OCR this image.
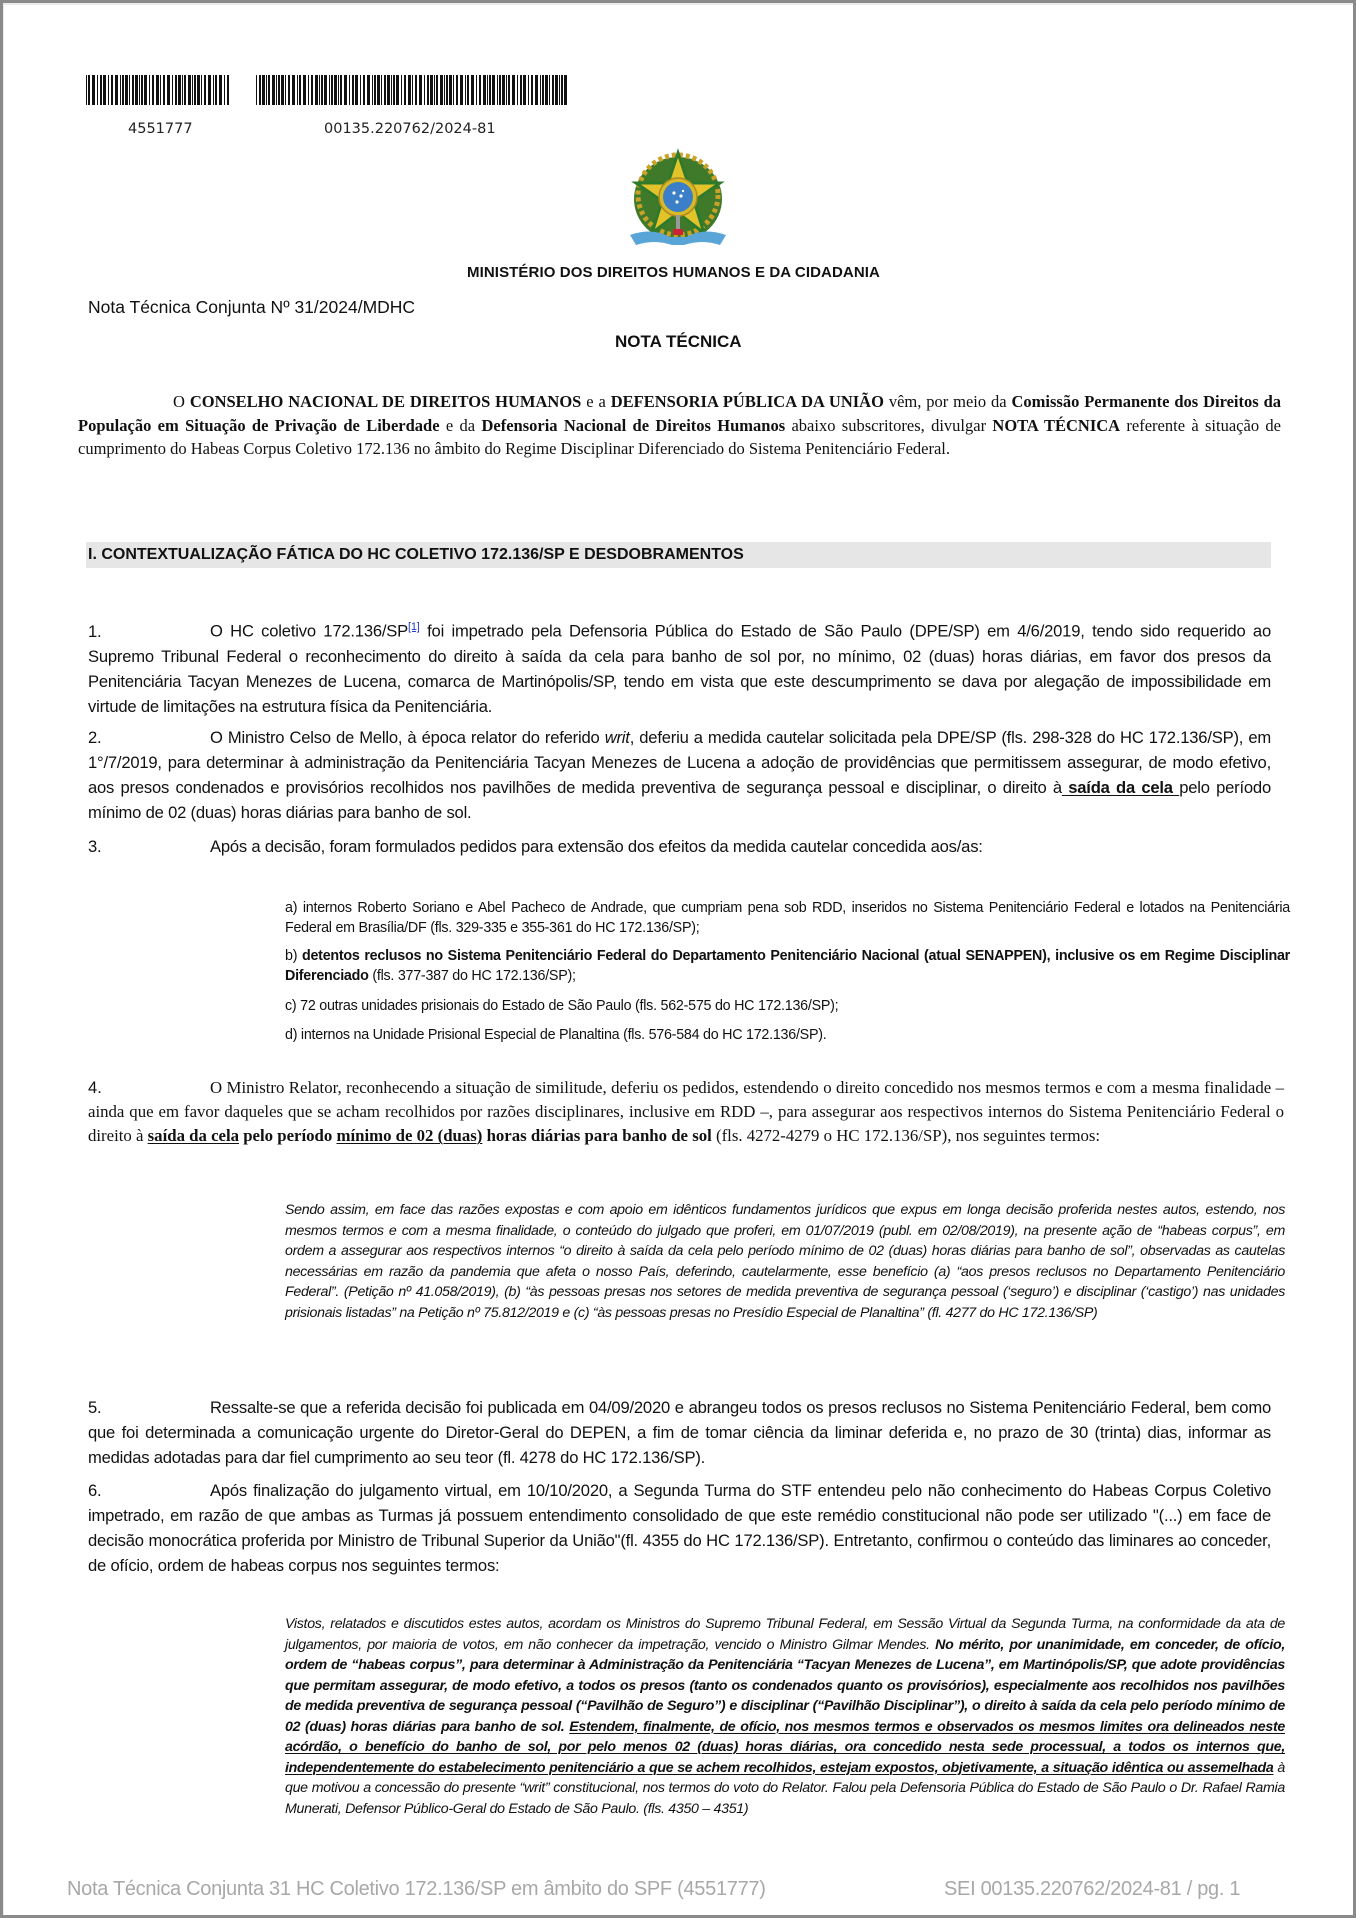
4551777	00135.220762/2024-81
MINISTÉRIO DOS DIREITOS HUMANOS E DA CIDADANIA
Nota Técnica Conjunta Nº 31/2024/MDHC
NOTA TÉCNICA
O CONSELHO NACIONAL DE DIREITOS HUMANOS e a DEFENSORIA PÚBLICA DA UNIÃO vêm, por meio da Comissão Permanente dos Direitos da População em Situação de Privação de Liberdade e da Defensoria Nacional de Direitos Humanos abaixo subscritores, divulgar NOTA TÉCNICA referente à situação de cumprimento do Habeas Corpus Coletivo 172.136 no âmbito do Regime Disciplinar Diferenciado do Sistema Penitenciário Federal.
I. CONTEXTUALIZAÇÃO FÁTICA DO HC COLETIVO 172.136/SP E DESDOBRAMENTOS
1.	O HC coletivo 172.136/SP[1] foi impetrado pela Defensoria Pública do Estado de São Paulo (DPE/SP) em 4/6/2019, tendo sido requerido ao Supremo Tribunal Federal o reconhecimento do direito à saída da cela para banho de sol por, no mínimo, 02 (duas) horas diárias, em favor dos presos da Penitenciária Tacyan Menezes de Lucena, comarca de Martinópolis/SP, tendo em vista que este descumprimento se dava por alegação de impossibilidade em virtude de limitações na estrutura física da Penitenciária.
2.	O Ministro Celso de Mello, à época relator do referido writ, deferiu a medida cautelar solicitada pela DPE/SP (fls. 298-328 do HC 172.136/SP), em 1°/7/2019, para determinar à administração da Penitenciária Tacyan Menezes de Lucena a adoção de providências que permitissem assegurar, de modo efetivo, aos presos condenados e provisórios recolhidos nos pavilhões de medida preventiva de segurança pessoal e disciplinar, o direito à saída da cela pelo período mínimo de 02 (duas) horas diárias para banho de sol.
3.	Após a decisão, foram formulados pedidos para extensão dos efeitos da medida cautelar concedida aos/as:
a) internos Roberto Soriano e Abel Pacheco de Andrade, que cumpriam pena sob RDD, inseridos no Sistema Penitenciário Federal e lotados na Penitenciária Federal em Brasília/DF (fls. 329-335 e 355-361 do HC 172.136/SP);
b) detentos reclusos no Sistema Penitenciário Federal do Departamento Penitenciário Nacional (atual SENAPPEN), inclusive os em Regime Disciplinar Diferenciado (fls. 377-387 do HC 172.136/SP);
c) 72 outras unidades prisionais do Estado de São Paulo (fls. 562-575 do HC 172.136/SP);
d) internos na Unidade Prisional Especial de Planaltina (fls. 576-584 do HC 172.136/SP).
4.	O Ministro Relator, reconhecendo a situação de similitude, deferiu os pedidos, estendendo o direito concedido nos mesmos termos e com a mesma finalidade – ainda que em favor daqueles que se acham recolhidos por razões disciplinares, inclusive em RDD –, para assegurar aos respectivos internos do Sistema Penitenciário Federal o direito à saída da cela pelo período mínimo de 02 (duas) horas diárias para banho de sol (fls. 4272-4279 o HC 172.136/SP), nos seguintes termos:
Sendo assim, em face das razões expostas e com apoio em idênticos fundamentos jurídicos que expus em longa decisão proferida nestes autos, estendo, nos mesmos termos e com a mesma finalidade, o conteúdo do julgado que proferi, em 01/07/2019 (publ. em 02/08/2019), na presente ação de “habeas corpus”, em ordem a assegurar aos respectivos internos “o direito à saída da cela pelo período mínimo de 02 (duas) horas diárias para banho de sol”, observadas as cautelas necessárias em razão da pandemia que afeta o nosso País, deferindo, cautelarmente, esse benefício (a) “aos presos reclusos no Departamento Penitenciário Federal”. (Petição nº 41.058/2019), (b) “às pessoas presas nos setores de medida preventiva de segurança pessoal (‘seguro’) e disciplinar (‘castigo’) nas unidades prisionais listadas” na Petição nº 75.812/2019 e (c) “às pessoas presas no Presídio Especial de Planaltina” (fl. 4277 do HC 172.136/SP)
5.	Ressalte-se que a referida decisão foi publicada em 04/09/2020 e abrangeu todos os presos reclusos no Sistema Penitenciário Federal, bem como que foi determinada a comunicação urgente do Diretor-Geral do DEPEN, a fim de tomar ciência da liminar deferida e, no prazo de 30 (trinta) dias, informar as medidas adotadas para dar fiel cumprimento ao seu teor (fl. 4278 do HC 172.136/SP).
6.	Após finalização do julgamento virtual, em 10/10/2020, a Segunda Turma do STF entendeu pelo não conhecimento do Habeas Corpus Coletivo impetrado, em razão de que ambas as Turmas já possuem entendimento consolidado de que este remédio constitucional não pode ser utilizado "(...) em face de decisão monocrática proferida por Ministro de Tribunal Superior da União"(fl. 4355 do HC 172.136/SP). Entretanto, confirmou o conteúdo das liminares ao conceder, de ofício, ordem de habeas corpus nos seguintes termos:
Vistos, relatados e discutidos estes autos, acordam os Ministros do Supremo Tribunal Federal, em Sessão Virtual da Segunda Turma, na conformidade da ata de julgamentos, por maioria de votos, em não conhecer da impetração, vencido o Ministro Gilmar Mendes. No mérito, por unanimidade, em conceder, de ofício, ordem de “habeas corpus”, para determinar à Administração da Penitenciária “Tacyan Menezes de Lucena”, em Martinópolis/SP, que adote providências que permitam assegurar, de modo efetivo, a todos os presos (tanto os condenados quanto os provisórios), especialmente aos recolhidos nos pavilhões de medida preventiva de segurança pessoal (“Pavilhão de Seguro”) e disciplinar (“Pavilhão Disciplinar”), o direito à saída da cela pelo período mínimo de 02 (duas) horas diárias para banho de sol. Estendem, finalmente, de ofício, nos mesmos termos e observados os mesmos limites ora delineados neste acórdão, o benefício do banho de sol, por pelo menos 02 (duas) horas diárias, ora concedido nesta sede processual, a todos os internos que, independentemente do estabelecimento penitenciário a que se achem recolhidos, estejam expostos, objetivamente, a situação idêntica ou assemelhada à que motivou a concessão do presente “writ” constitucional, nos termos do voto do Relator. Falou pela Defensoria Pública do Estado de São Paulo o Dr. Rafael Ramia Munerati, Defensor Público-Geral do Estado de São Paulo. (fls. 4350 – 4351)
Nota Técnica Conjunta 31 HC Coletivo 172.136/SP em âmbito do SPF (4551777)	SEI 00135.220762/2024-81 / pg. 1
